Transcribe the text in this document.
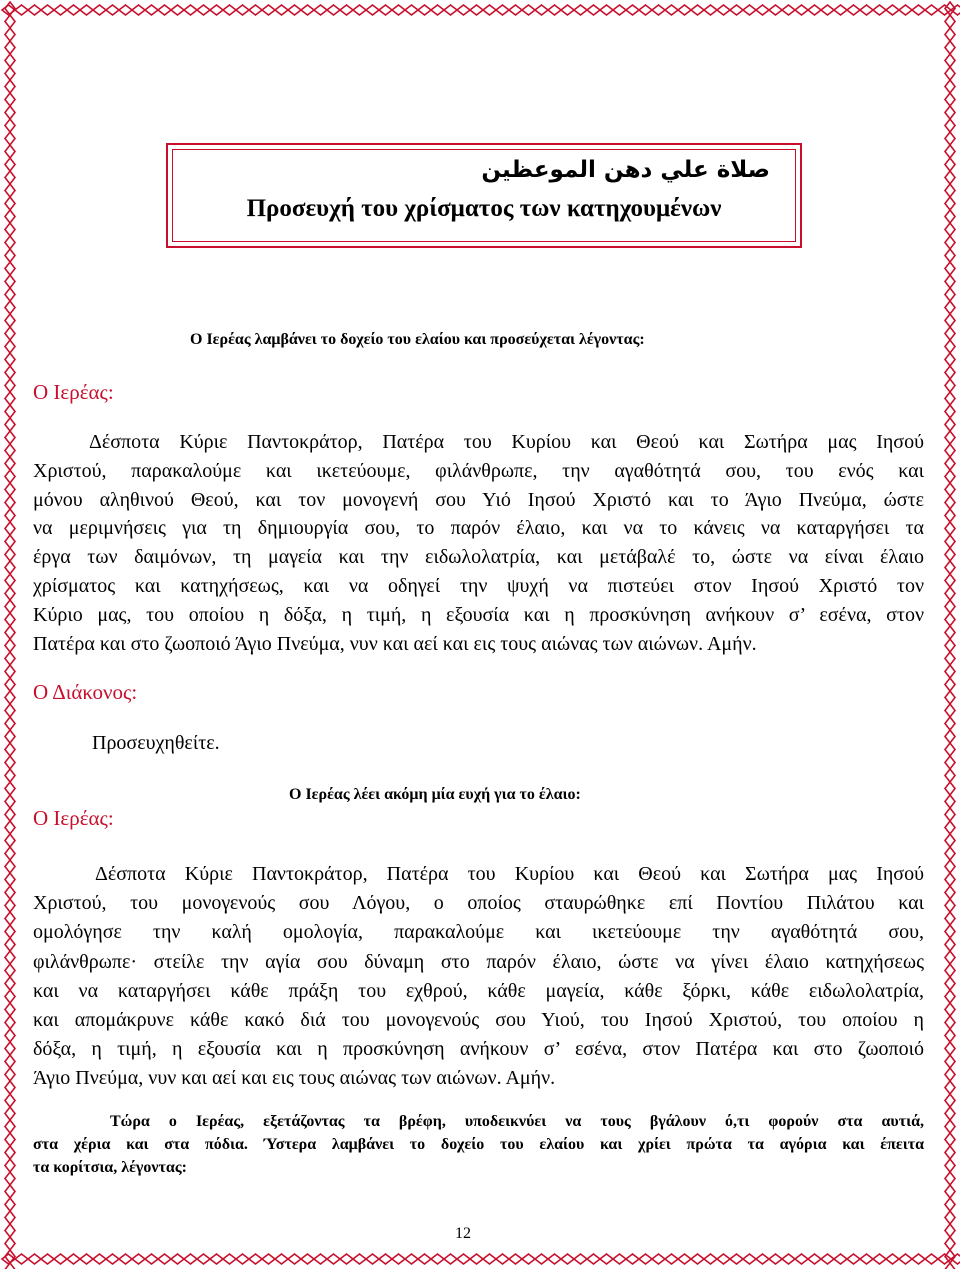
صلاة علي دهن الموعظين
Προσευχή του χρίσματος των κατηχουμένων
Ο Ιερέας λαμβάνει το δοχείο του ελαίου και προσεύχεται λέγοντας:
Ο Ιερέας:
Δέσποτα Κύριε Παντοκράτορ, Πατέρα του Κυρίου και Θεού και Σωτήρα μας Ιησού
Χριστού, παρακαλούμε και ικετεύουμε, φιλάνθρωπε, την αγαθότητά σου, του ενός και
μόνου αληθινού Θεού, και τον μονογενή σου Υιό Ιησού Χριστό και το Άγιο Πνεύμα, ώστε
να μεριμνήσεις για τη δημιουργία σου, το παρόν έλαιο, και να το κάνεις να καταργήσει τα
έργα των δαιμόνων, τη μαγεία και την ειδωλολατρία, και μετάβαλέ το, ώστε να είναι έλαιο
χρίσματος και κατηχήσεως, και να οδηγεί την ψυχή να πιστεύει στον Ιησού Χριστό τον
Κύριο μας, του οποίου η δόξα, η τιμή, η εξουσία και η προσκύνηση ανήκουν σ’ εσένα, στον
Πατέρα και στο ζωοποιό Άγιο Πνεύμα, νυν και αεί και εις τους αιώνας των αιώνων. Αμήν.
Ο Διάκονος:
Προσευχηθείτε.
Ο Ιερέας:
Ο Ιερέας λέει ακόμη μία ευχή για το έλαιο:
Δέσποτα Κύριε Παντοκράτορ, Πατέρα του Κυρίου και Θεού και Σωτήρα μας Ιησού
Χριστού, του μονογενούς σου Λόγου, ο οποίος σταυρώθηκε επί Ποντίου Πιλάτου και
ομολόγησε την καλή ομολογία, παρακαλούμε και ικετεύουμε την αγαθότητά σου,
φιλάνθρωπε· στείλε την αγία σου δύναμη στο παρόν έλαιο, ώστε να γίνει έλαιο κατηχήσεως
και να καταργήσει κάθε πράξη του εχθρού, κάθε μαγεία, κάθε ξόρκι, κάθε ειδωλολατρία,
και απομάκρυνε κάθε κακό διά του μονογενούς σου Υιού, του Ιησού Χριστού, του οποίου η
δόξα, η τιμή, η εξουσία και η προσκύνηση ανήκουν σ’ εσένα, στον Πατέρα και στο ζωοποιό
Άγιο Πνεύμα, νυν και αεί και εις τους αιώνας των αιώνων. Αμήν.
Τώρα ο Ιερέας, εξετάζοντας τα βρέφη, υποδεικνύει να τους βγάλουν ό,τι φορούν στα αυτιά,
στα χέρια και στα πόδια. Ύστερα λαμβάνει το δοχείο του ελαίου και χρίει πρώτα τα αγόρια και έπειτα
τα κορίτσια, λέγοντας:
12
